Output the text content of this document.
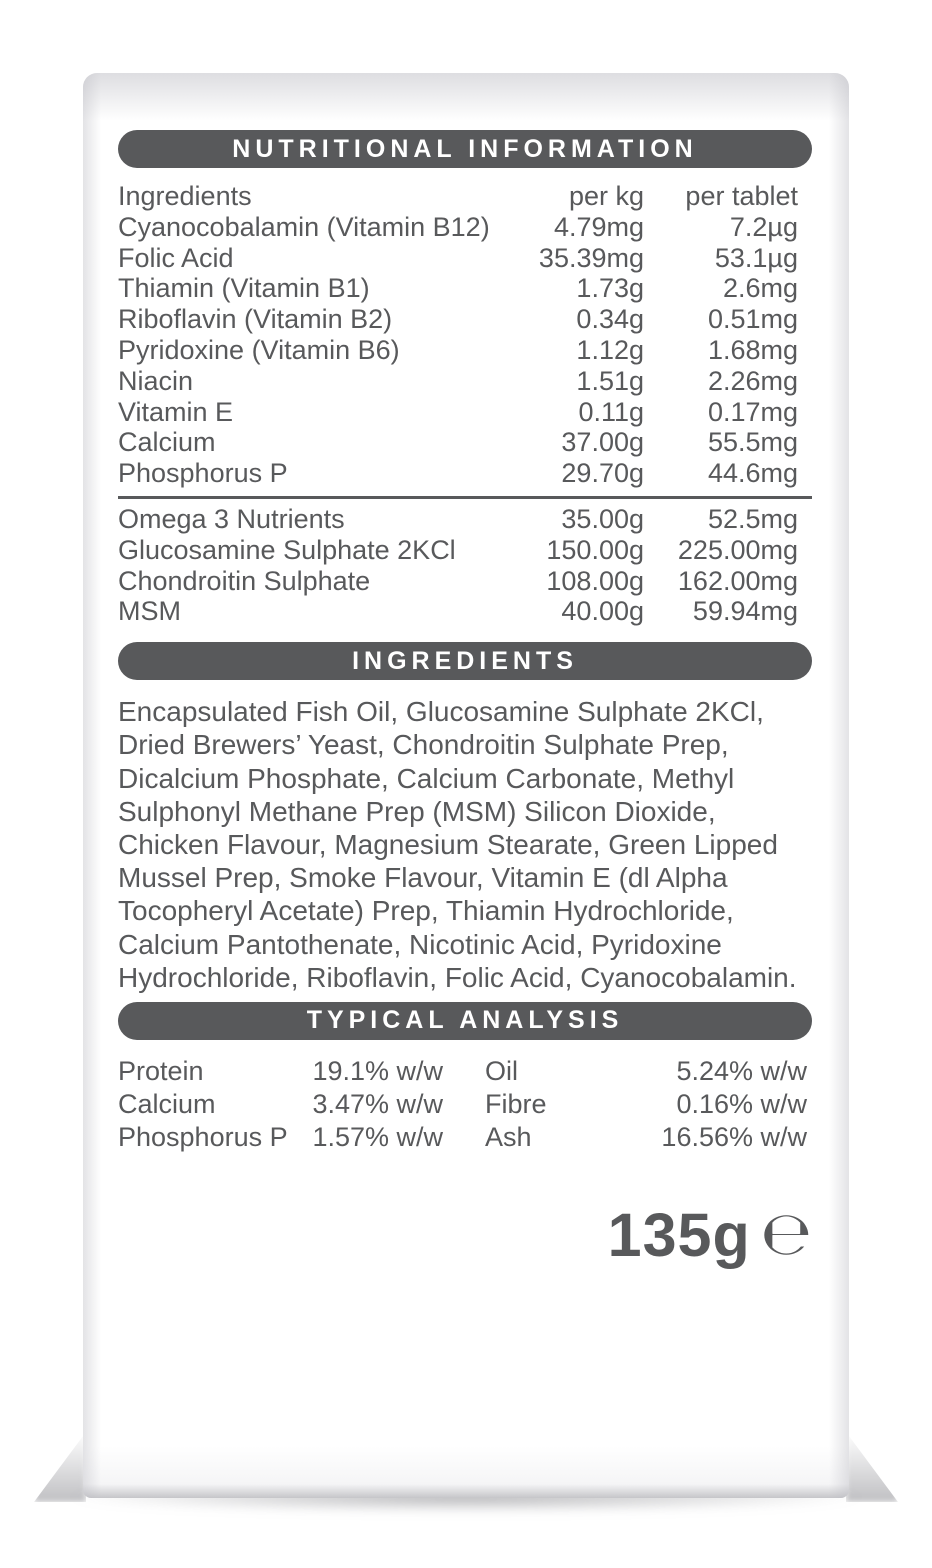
NUTRITIONAL INFORMATION
Ingredients	per kg	per tablet
Cyanocobalamin (Vitamin B12)	4.79mg	7.2µg
Folic Acid	35.39mg	53.1µg
Thiamin (Vitamin B1)	1.73g	2.6mg
Riboflavin (Vitamin B2)	0.34g	0.51mg
Pyridoxine (Vitamin B6)	1.12g	1.68mg
Niacin	1.51g	2.26mg
Vitamin E	0.11g	0.17mg
Calcium	37.00g	55.5mg
Phosphorus P	29.70g	44.6mg
Omega 3 Nutrients	35.00g	52.5mg
Glucosamine Sulphate 2KCl	150.00g	225.00mg
Chondroitin Sulphate	108.00g	162.00mg
MSM	40.00g	59.94mg
INGREDIENTS

Encapsulated Fish Oil, Glucosamine Sulphate 2KCl, Dried Brewers’ Yeast, Chondroitin Sulphate Prep, Dicalcium Phosphate, Calcium Carbonate, Methyl Sulphonyl Methane Prep (MSM) Silicon Dioxide, Chicken Flavour, Magnesium Stearate, Green Lipped Mussel Prep, Smoke Flavour, Vitamin E (dl Alpha Tocopheryl Acetate) Prep, Thiamin Hydrochloride, Calcium Pantothenate, Nicotinic Acid, Pyridoxine Hydrochloride, Riboflavin, Folic Acid, Cyanocobalamin.

TYPICAL ANALYSIS
Protein	19.1% w/w Oil	5.24% w/w
Calcium	3.47% w/w Fibre	0.16% w/w
Phosphorus P 1.57% w/w Ash	16.56% w/w
135g ℮
